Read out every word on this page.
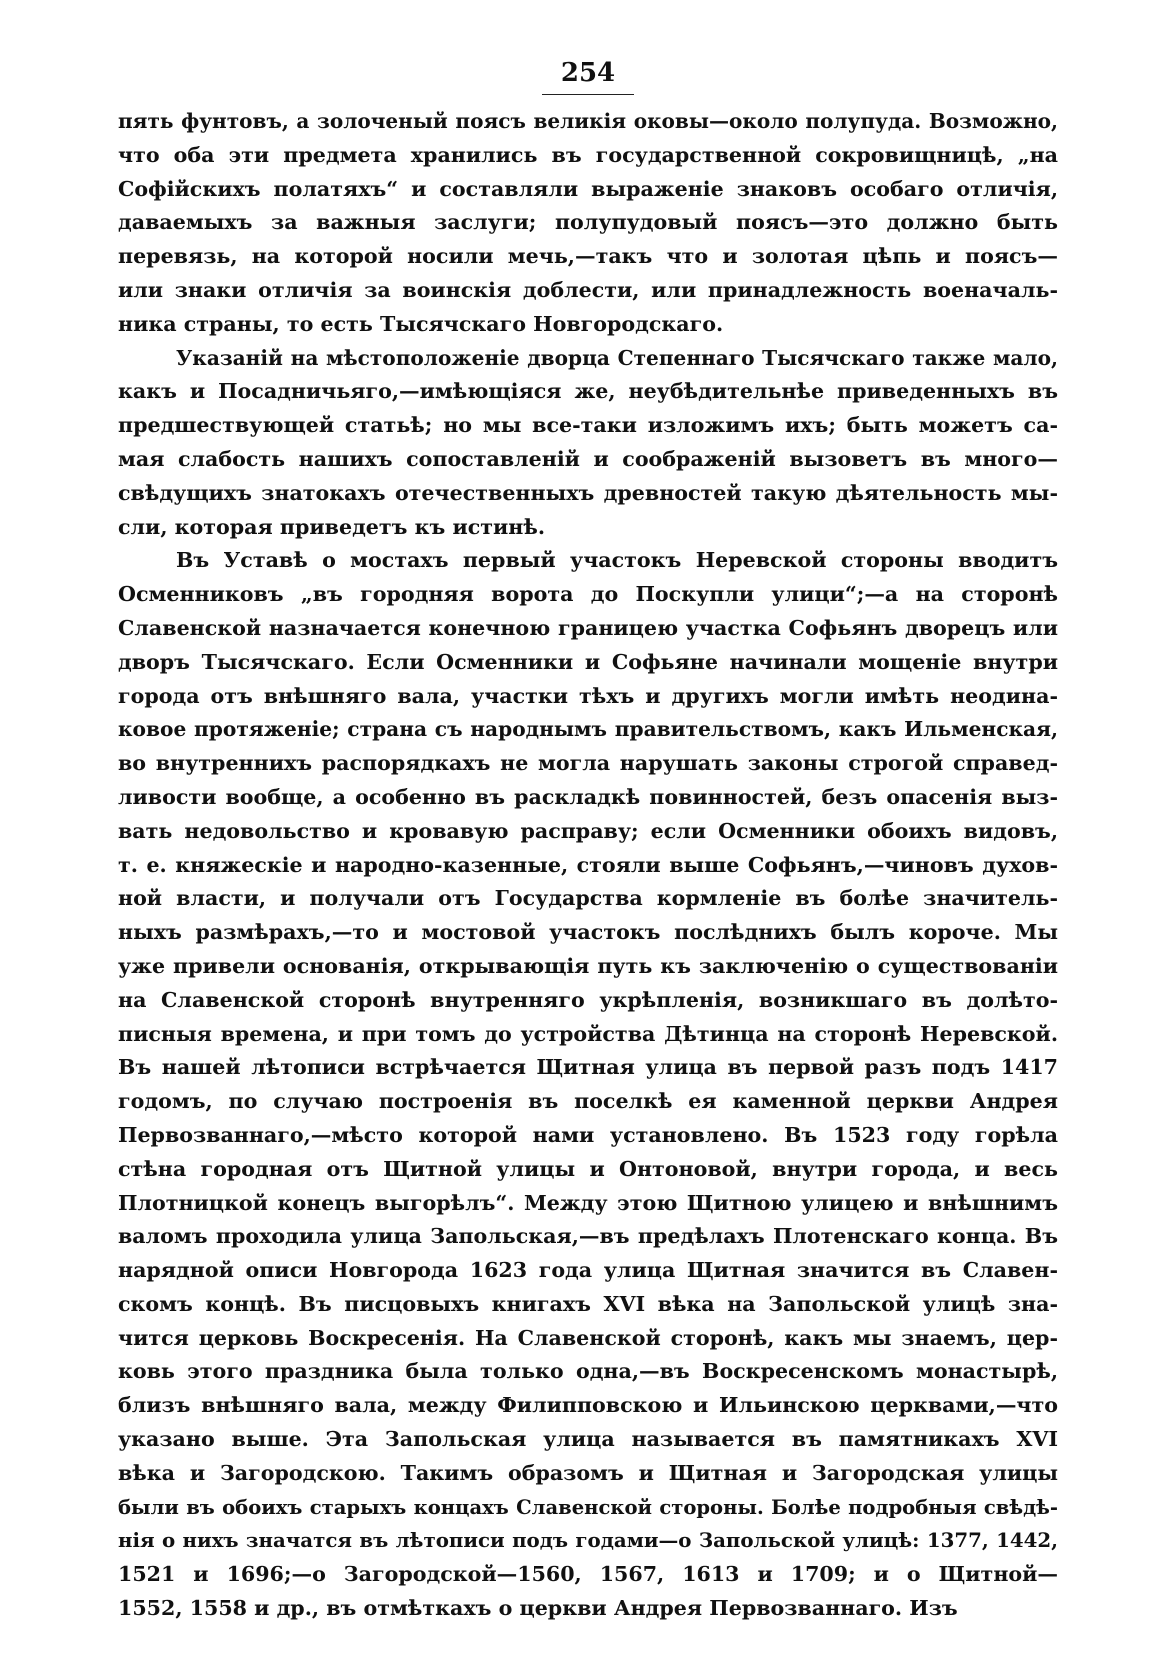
254
пять фунтовъ, а золоченый поясъ великія оковы—около полупуда. Возможно,
что оба эти предмета хранились въ государственной сокровищницѣ, „на
Софійскихъ полатяхъ“ и составляли выраженіе знаковъ особаго отличія,
даваемыхъ за важныя заслуги; полупудовый поясъ—это должно быть
перевязь, на которой носили мечь,—такъ что и золотая цѣпь и поясъ—
или знаки отличія за воинскія доблести, или принадлежность военачаль-
ника страны, то есть Тысячскаго Новгородскаго.
Указаній на мѣстоположеніе дворца Степеннаго Тысячскаго также мало,
какъ и Посадничьяго,—имѣющіяся же, неубѣдительнѣе приведенныхъ въ
предшествующей статьѣ; но мы все-таки изложимъ ихъ; быть можетъ са-
мая слабость нашихъ сопоставленій и соображеній вызоветъ въ много—
свѣдущихъ знатокахъ отечественныхъ древностей такую дѣятельность мы-
сли, которая приведетъ къ истинѣ.
Въ Уставѣ о мостахъ первый участокъ Неревской стороны вводитъ
Осменниковъ „въ городняя ворота до Поскупли улици“;—а на сторонѣ
Славенской назначается конечною границею участка Софьянъ дворецъ или
дворъ Тысячскаго. Если Осменники и Софьяне начинали мощеніе внутри
города отъ внѣшняго вала, участки тѣхъ и другихъ могли имѣть неодина-
ковое протяженіе; страна съ народнымъ правительствомъ, какъ Ильменская,
во внутреннихъ распорядкахъ не могла нарушать законы строгой справед-
ливости вообще, а особенно въ раскладкѣ повинностей, безъ опасенія выз-
вать недовольство и кровавую расправу; если Осменники обоихъ видовъ,
т. е. княжескіе и народно-казенные, стояли выше Софьянъ,—чиновъ духов-
ной власти, и получали отъ Государства кормленіе въ болѣе значитель-
ныхъ размѣрахъ,—то и мостовой участокъ послѣднихъ былъ короче. Мы
уже привели основанія, открывающія путь къ заключенію о существованіи
на Славенской сторонѣ внутренняго укрѣпленія, возникшаго въ долѣто-
писныя времена, и при томъ до устройства Дѣтинца на сторонѣ Неревской.
Въ нашей лѣтописи встрѣчается Щитная улица въ первой разъ подъ 1417
годомъ, по случаю построенія въ поселкѣ ея каменной церкви Андрея
Первозваннаго,—мѣсто которой нами установлено. Въ 1523 году горѣла
стѣна городная отъ Щитной улицы и Онтоновой, внутри города, и весь
Плотницкой конецъ выгорѣлъ“. Между этою Щитною улицею и внѣшнимъ
валомъ проходила улица Запольская,—въ предѣлахъ Плотенскаго конца. Въ
нарядной описи Новгорода 1623 года улица Щитная значится въ Славен-
скомъ концѣ. Въ писцовыхъ книгахъ XVI вѣка на Запольской улицѣ зна-
чится церковь Воскресенія. На Славенской сторонѣ, какъ мы знаемъ, цер-
ковь этого праздника была только одна,—въ Воскресенскомъ монастырѣ,
близъ внѣшняго вала, между Филипповскою и Ильинскою церквами,—что
указано выше. Эта Запольская улица называется въ памятникахъ XVI
вѣка и Загородскою. Такимъ образомъ и Щитная и Загородская улицы
были въ обоихъ старыхъ концахъ Славенской стороны. Болѣе подробныя свѣдѣ-
нія о нихъ значатся въ лѣтописи подъ годами—о Запольской улицѣ: 1377, 1442,
1521 и 1696;—о Загородской—1560, 1567, 1613 и 1709; и о Щитной—
1552, 1558 и др., въ отмѣткахъ о церкви Андрея Первозваннаго. Изъ
